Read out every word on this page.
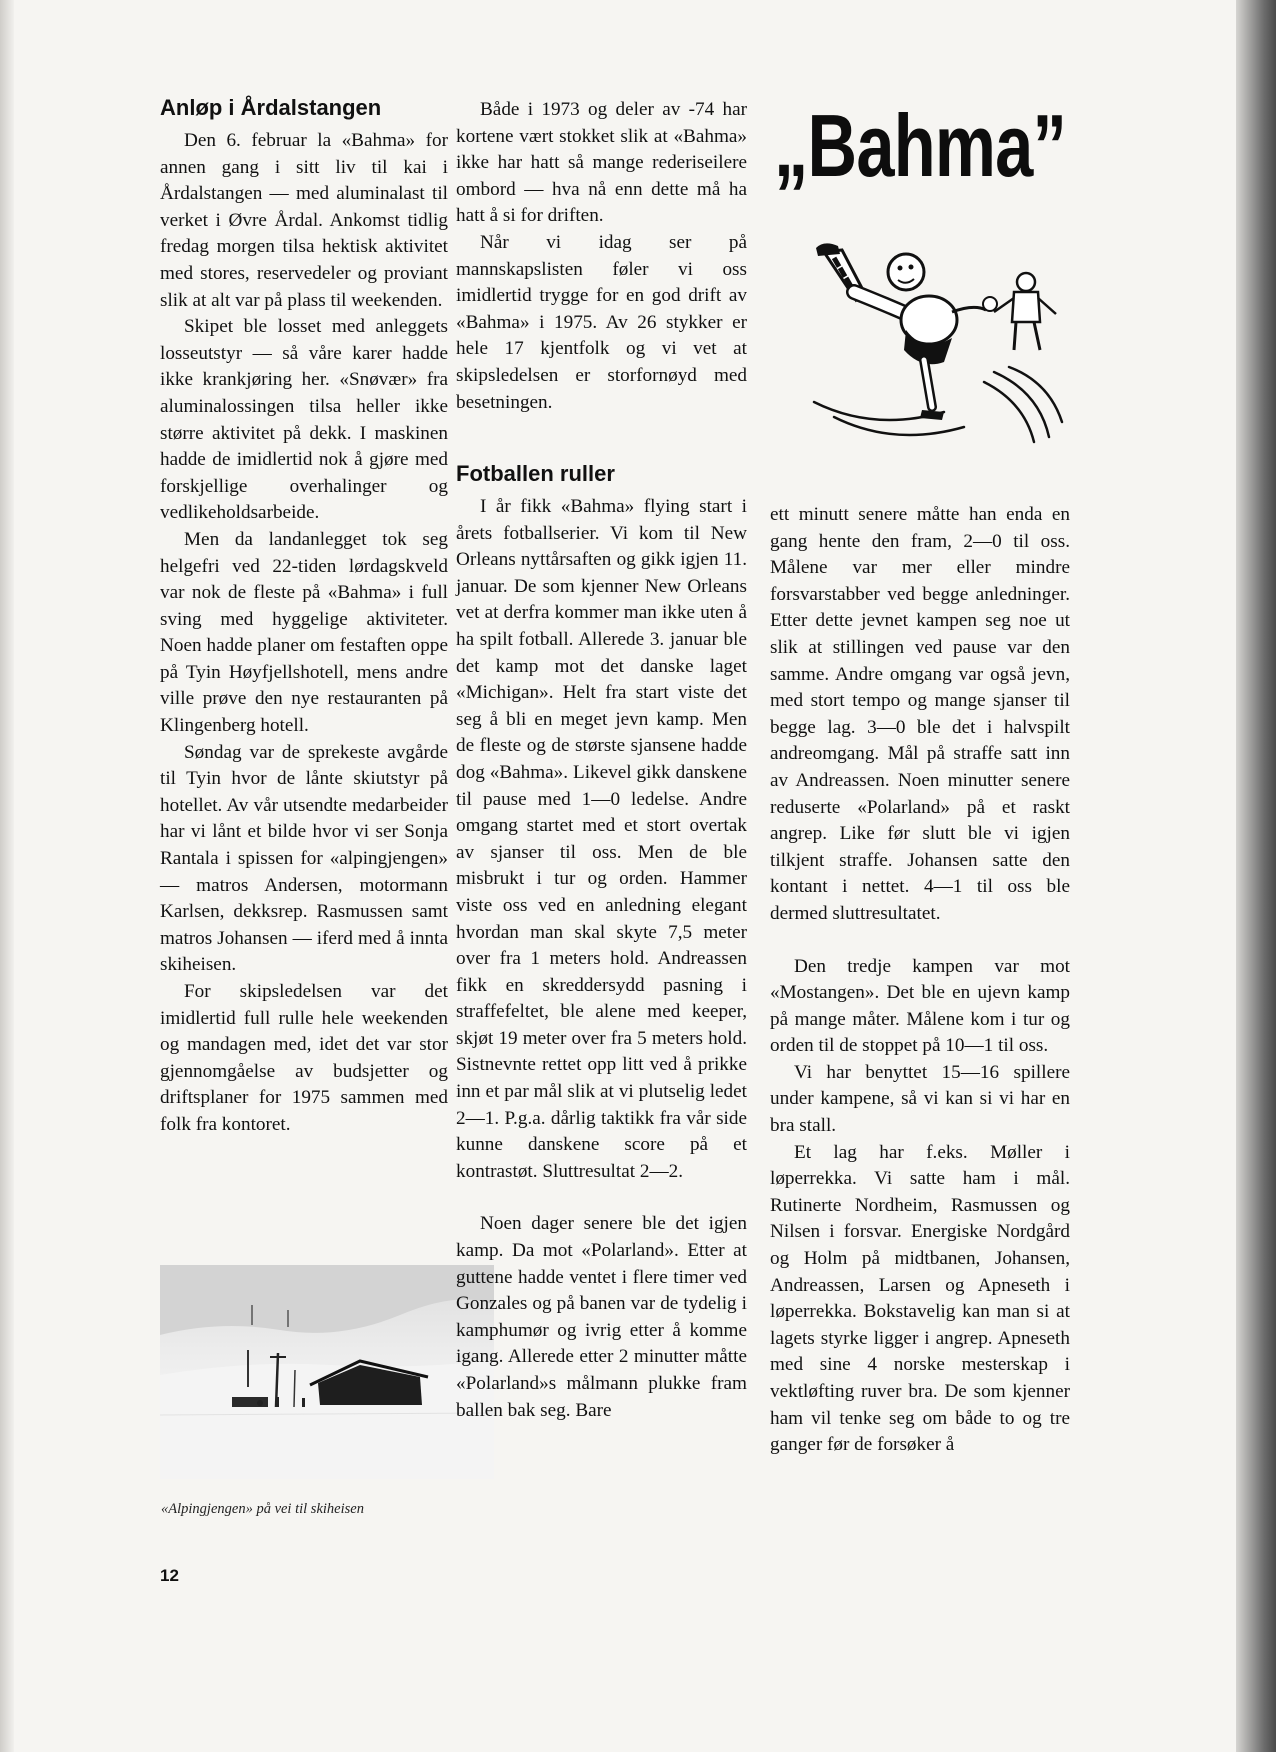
Anløp i Årdalstangen

Den 6. februar la «Bahma» for annen gang i sitt liv til kai i Årdalstangen — med aluminalast til verket i Øvre Årdal. Ankomst tidlig fredag morgen tilsa hektisk aktivitet med stores, reservedeler og proviant slik at alt var på plass til weekenden.

Skipet ble losset med anleggets losseutstyr — så våre karer hadde ikke krankjøring her. «Snøvær» fra aluminalossingen tilsa heller ikke større aktivitet på dekk. I maskinen hadde de imidlertid nok å gjøre med forskjellige overhalinger og vedlikeholdsarbeide.

Men da landanlegget tok seg helgefri ved 22-tiden lørdagskveld var nok de fleste på «Bahma» i full sving med hyggelige aktiviteter. Noen hadde planer om festaften oppe på Tyin Høyfjellshotell, mens andre ville prøve den nye restauranten på Klingenberg hotell.

Søndag var de sprekeste avgårde til Tyin hvor de lånte skiutstyr på hotellet. Av vår utsendte medarbeider har vi lånt et bilde hvor vi ser Sonja Rantala i spissen for «alpingjengen» — matros Andersen, motormann Karlsen, dekksrep. Rasmussen samt matros Johansen — iferd med å innta skiheisen.

For skipsledelsen var det imidlertid full rulle hele weekenden og mandagen med, idet det var stor gjennomgåelse av budsjetter og driftsplaner for 1975 sammen med folk fra kontoret.

«Alpingjengen» på vei til skiheisen

Både i 1973 og deler av -74 har kortene vært stokket slik at «Bahma» ikke har hatt så mange rederiseilere ombord — hva nå enn dette må ha hatt å si for driften.

Når vi idag ser på mannskapslisten føler vi oss imidlertid trygge for en god drift av «Bahma» i 1975. Av 26 stykker er hele 17 kjentfolk og vi vet at skipsledelsen er storfornøyd med besetningen.

Fotballen ruller

I år fikk «Bahma» flying start i årets fotballserier. Vi kom til New Orleans nyttårsaften og gikk igjen 11. januar. De som kjenner New Orleans vet at derfra kommer man ikke uten å ha spilt fotball. Allerede 3. januar ble det kamp mot det danske laget «Michigan». Helt fra start viste det seg å bli en meget jevn kamp. Men de fleste og de største sjansene hadde dog «Bahma». Likevel gikk danskene til pause med 1—0 ledelse. Andre omgang startet med et stort overtak av sjanser til oss. Men de ble misbrukt i tur og orden. Hammer viste oss ved en anledning elegant hvordan man skal skyte 7,5 meter over fra 1 meters hold. Andreassen fikk en skreddersydd pasning i straffefeltet, ble alene med keeper, skjøt 19 meter over fra 5 meters hold. Sistnevnte rettet opp litt ved å prikke inn et par mål slik at vi plutselig ledet 2—1. P.g.a. dårlig taktikk fra vår side kunne danskene score på et kontrastøt. Sluttresultat 2—2.

Noen dager senere ble det igjen kamp. Da mot «Polarland». Etter at guttene hadde ventet i flere timer ved Gonzales og på banen var de tydelig i kamphumør og ivrig etter å komme igang. Allerede etter 2 minutter måtte «Polarland»s målmann plukke fram ballen bak seg. Bare

„Bahma”

ett minutt senere måtte han enda en gang hente den fram, 2—0 til oss. Målene var mer eller mindre forsvarstabber ved begge anledninger. Etter dette jevnet kampen seg noe ut slik at stillingen ved pause var den samme. Andre omgang var også jevn, med stort tempo og mange sjanser til begge lag. 3—0 ble det i halvspilt andreomgang. Mål på straffe satt inn av Andreassen. Noen minutter senere reduserte «Polarland» på et raskt angrep. Like før slutt ble vi igjen tilkjent straffe. Johansen satte den kontant i nettet. 4—1 til oss ble dermed sluttresultatet.

Den tredje kampen var mot «Mostangen». Det ble en ujevn kamp på mange måter. Målene kom i tur og orden til de stoppet på 10—1 til oss.

Vi har benyttet 15—16 spillere under kampene, så vi kan si vi har en bra stall.

Et lag har f.eks. Møller i løperrekka. Vi satte ham i mål. Rutinerte Nordheim, Rasmussen og Nilsen i forsvar. Energiske Nordgård og Holm på midtbanen, Johansen, Andreassen, Larsen og Apneseth i løperrekka. Bokstavelig kan man si at lagets styrke ligger i angrep. Apneseth med sine 4 norske mesterskap i vektløfting ruver bra. De som kjenner ham vil tenke seg om både to og tre ganger før de forsøker å

12
